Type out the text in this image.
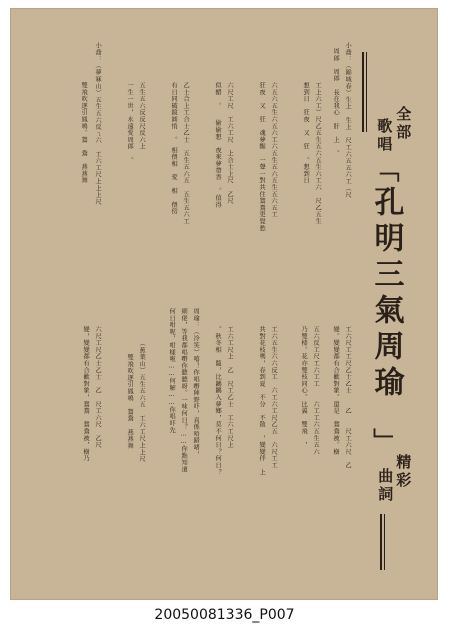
全部
歌唱
「
孔明三氣周瑜
」
精彩
曲詞
小喬：（錦城春）生上　生上　尺工六五五六工（尺
周郎　周郎　長在我心　肝　上　。
工上六工）尺乙五生五六五生六工六　尺乙五生
想到日　狂夜　又　狂　。想到日
六五六五生六五六工六五生五六五生五六五工
狂夜　又　狂　魂夢醒　一聲一對共住鴛鴦更覺愁
六尺工尺　工六工尺　上合士上尺　乙尺
似醋　。　　偷偷想　夜來夢帶香　。值得
乙士合上工合士乙士　五生五六五　五生五六工
有日同破鏡圓悄　。　相偎相　愛　相　偎傍
五生五六反反尺反六上
一生一世，永遠愛周郎　。
小喬：（夢冧山）五生五六反ㄟ六　工六工尺上上上尺
雙飛吹逐引鳳鳴。鴛　鴦　燕燕舞
工六尺工工尺乙士乙士　　乙　　尺工六尺　乙
變。變變都有合歡對象。還是　鴛鴦被。樹
五六反工尺工六工工　　六工工六五生五六
乃雙棲。花亦雙枝同心。比翼　雙飛　，
工六五生六六反工　六工六工尺乙五　六尺工工
共對花枝嗎，春到夏　不分　不散　，變變伴　上
工六工尺上　乙　尺工乙士　工六工尺上
。秋冬相　隨，比鶼鶼入夢鄉，莫不何日？何日？
周瑜：（冷笑）嘻！你唱嘢陣野吓，真係唔錯啫，
細佬，等我都唱嘢你聽聽呀。一味何日？……你點知道
何日咁呢，咁樣啦……何解……你唱吓先
（蕉葉山）五生五六五　工六工尺上上尺
雙飛吹逐引鳳鳴　鴛鴦　燕燕舞
六尺工尺乙士乙士　乙　尺工六尺　乙尺
變，變變都有合歡對象，鴛鴦　鴛鴦被，樹乃
20050081336_P007
